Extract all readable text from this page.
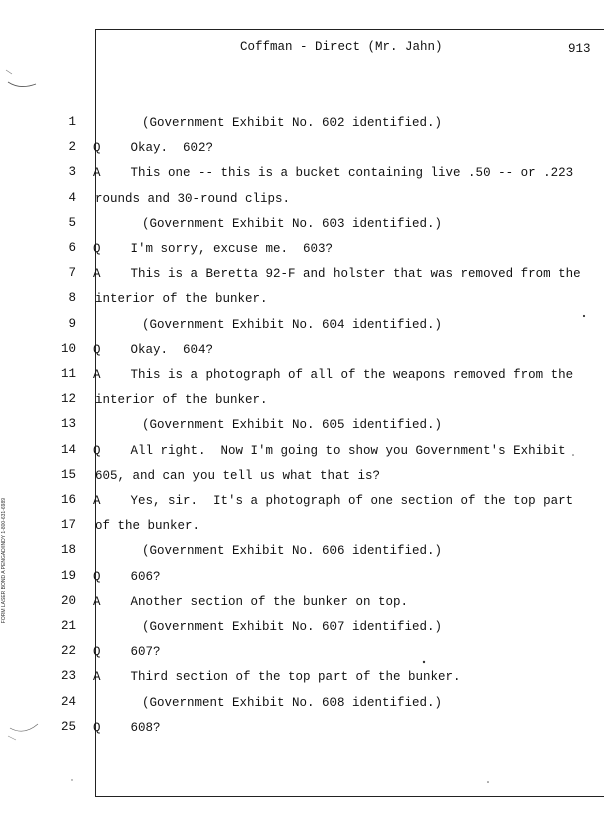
Coffman - Direct (Mr. Jahn)	913
FORM LASER BOND A PENGAD/INDY 1-800-631-6989
1	(Government Exhibit No. 602 identified.)
2 Q    Okay.  602?
3 A    This one -- this is a bucket containing live .50 -- or .223
4 rounds and 30-round clips.
5	(Government Exhibit No. 603 identified.)
6 Q    I'm sorry, excuse me.  603?
7 A    This is a Beretta 92-F and holster that was removed from the
8 interior of the bunker.
9	(Government Exhibit No. 604 identified.)
10 Q    Okay.  604?
11 A    This is a photograph of all of the weapons removed from the
12 interior of the bunker.
13	(Government Exhibit No. 605 identified.)
14 Q    All right.  Now I'm going to show you Government's Exhibit
15 605, and can you tell us what that is?
16 A    Yes, sir.  It's a photograph of one section of the top part
17 of the bunker.
18	(Government Exhibit No. 606 identified.)
19 Q    606?
20 A    Another section of the bunker on top.
21	(Government Exhibit No. 607 identified.)
22 Q    607?
23 A    Third section of the top part of the bunker.
24	(Government Exhibit No. 608 identified.)
25 Q    608?
